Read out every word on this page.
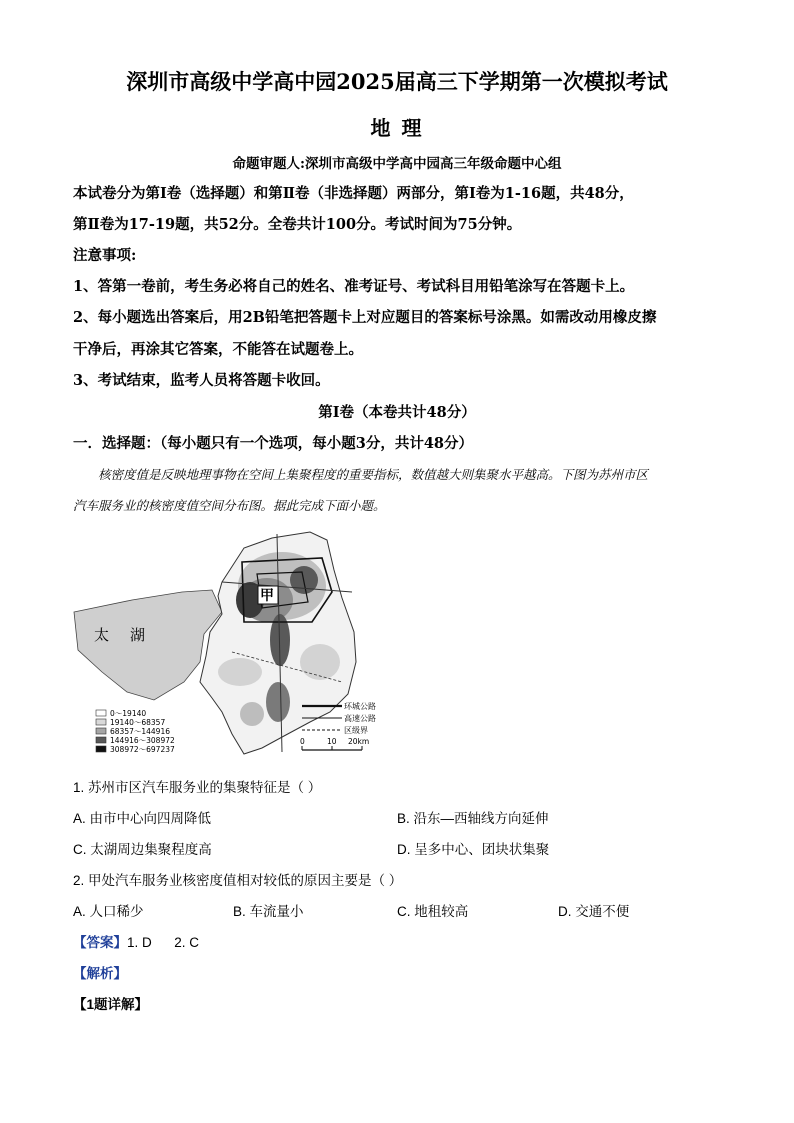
深圳市高级中学高中园2025届高三下学期第一次模拟考试
地 理
命题审题人:深圳市高级中学高中园高三年级命题中心组
本试卷分为第Ⅰ卷（选择题）和第Ⅱ卷（非选择题）两部分，第Ⅰ卷为1-16题，共48分，
第Ⅱ卷为17-19题，共52分。全卷共计100分。考试时间为75分钟。
注意事项:
1、答第一卷前，考生务必将自己的姓名、准考证号、考试科目用铅笔涂写在答题卡上。
2、每小题选出答案后，用2B铅笔把答题卡上对应题目的答案标号涂黑。如需改动用橡皮擦
干净后，再涂其它答案，不能答在试题卷上。
3、考试结束，监考人员将答题卡收回。
第Ⅰ卷（本卷共计48分）
一．选择题：（每小题只有一个选项，每小题3分，共计48分）
核密度值是反映地理事物在空间上集聚程度的重要指标，数值越大则集聚水平越高。下图为苏州市区
汽车服务业的核密度值空间分布图。据此完成下面小题。
太 湖
甲
0～19140
19140～68357
68357～144916
144916～308972
308972～697237
环城公路
高速公路
区级界
0	10 20km
1. 苏州市区汽车服务业的集聚特征是（ ）
A. 由市中心向四周降低	B. 沿东—西轴线方向延伸
C. 太湖周边集聚程度高	D. 呈多中心、团块状集聚
2. 甲处汽车服务业核密度值相对较低的原因主要是（ ）
A. 人口稀少	B. 车流量小	C. 地租较高	D. 交通不便
【答案】1. D      2. C
【解析】
【1题详解】
